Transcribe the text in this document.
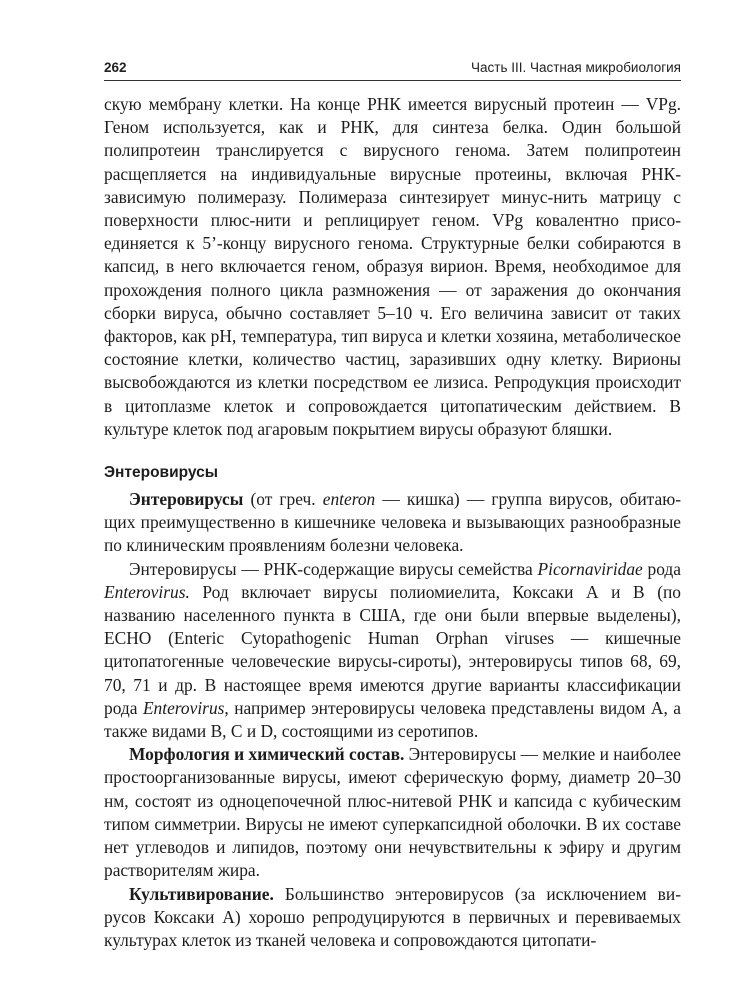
262	Часть III. Частная микробиология

скую мембрану клетки. На конце РНК имеется вирусный протеин — VPg. Геном используется, как и РНК, для синтеза белка. Один большой полипротеин транслируется с вирусного генома. Затем полипротеин расщепляется на индивидуальные вирусные протеины, включая РНК-зависимую полимеразу. Полимераза синтезирует минус-нить матрицу с поверхности плюс-нити и реплицирует геном. VPg ковалентно присоединяется к 5’-концу вирусного генома. Структурные белки собираются в капсид, в него включается геном, образуя вирион. Время, необходимое для прохождения полного цикла размножения — от заражения до окончания сборки вируса, обычно составляет 5–10 ч. Его величина зависит от таких факторов, как pH, температура, тип вируса и клетки хозяина, метаболическое состояние клетки, количество частиц, заразивших одну клетку. Вирионы высвобождаются из клетки посредством ее лизиса. Репродукция происходит в цитоплазме клеток и сопровождается цитопатическим действием. В культуре клеток под агаровым покрытием вирусы образуют бляшки.

Энтеровирусы

Энтеровирусы (от греч. enteron — кишка) — группа вирусов, обитающих преимущественно в кишечнике человека и вызывающих разнообразные по клиническим проявлениям болезни человека.

Энтеровирусы — РНК-содержащие вирусы семейства Picornaviridae рода Enterovirus. Род включает вирусы полиомиелита, Коксаки А и В (по названию населенного пункта в США, где они были впервые выделены), ECHO (Enteric Cytopathogenic Human Orphan viruses — кишечные цитопатогенные человеческие вирусы-сироты), энтеровирусы типов 68, 69, 70, 71 и др. В настоящее время имеются другие варианты классификации рода Enterovirus, например энтеровирусы человека представлены видом А, а также видами В, С и D, состоящими из серотипов.

Морфология и химический состав. Энтеровирусы — мелкие и наиболее простоорганизованные вирусы, имеют сферическую форму, диаметр 20–30 нм, состоят из одноцепочечной плюс-нитевой РНК и капсида с кубическим типом симметрии. Вирусы не имеют суперкапсидной оболочки. В их составе нет углеводов и липидов, поэтому они нечувствительны к эфиру и другим растворителям жира.

Культивирование. Большинство энтеровирусов (за исключением вирусов Коксаки А) хорошо репродуцируются в первичных и перевиваемых культурах клеток из тканей человека и сопровождаются цитопати-
